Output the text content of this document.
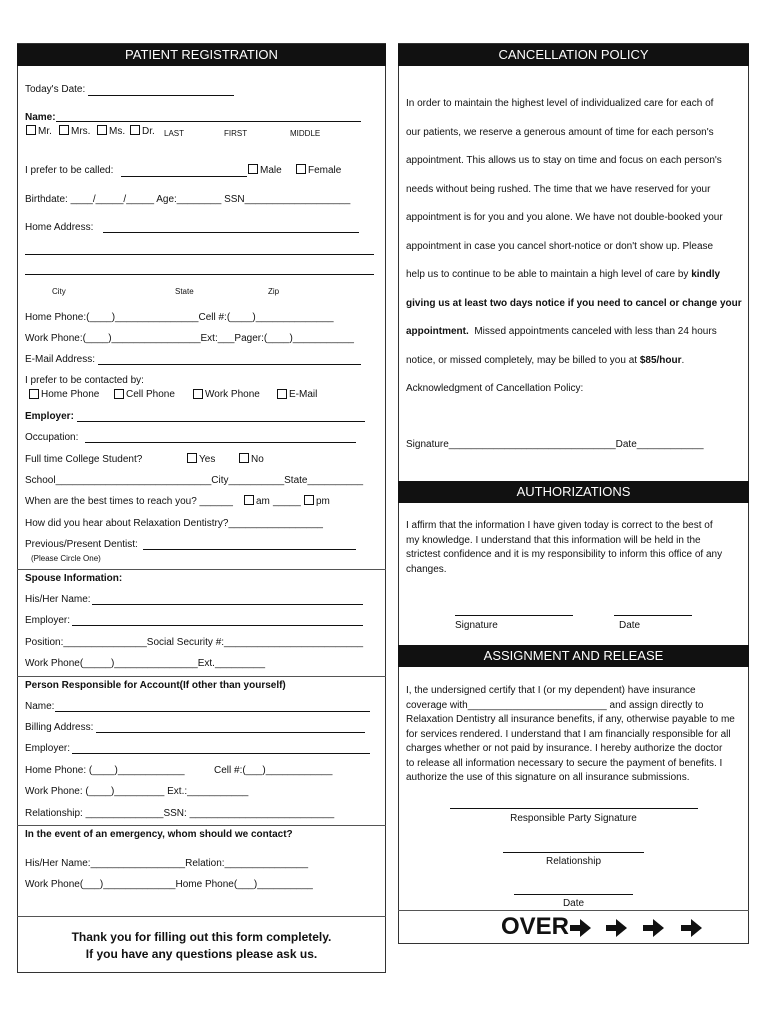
PATIENT REGISTRATION
Today's Date:
Name:
Mr. Mrs. Ms. Dr. LAST	FIRST	MIDDLE
I prefer to be called:	Male	Female
Birthdate: ____/_____/_____ Age:________ SSN___________________
Home Address:
City	State	Zip
Home Phone:(____)_______________Cell #:(____)______________
Work Phone:(____)________________Ext:___Pager:(____)___________
E-Mail Address:
I prefer to be contacted by:
Home Phone	Cell Phone	Work Phone	E-Mail
Employer:
Occupation:
Full time College Student?	Yes	No
School____________________________City__________State__________
When are the best times to reach you? ______ am _____ pm
How did you hear about Relaxation Dentistry?_________________
Previous/Present Dentist:
(Please Circle One)
Spouse Information:
His/Her Name:
Employer:
Position:_______________Social Security #:_________________________
Work Phone(_____)_______________Ext._________
Person Responsible for Account(If other than yourself)
Name:
Billing Address:
Employer:
Home Phone: (____)____________	Cell #:(___)____________
Work Phone: (____)_________ Ext.:___________
Relationship: ______________SSN: __________________________
In the event of an emergency, whom should we contact?
His/Her Name:_________________Relation:_______________
Work Phone(___)_____________Home Phone(___)__________
Thank you for filling out this form completely.
If you have any questions please ask us.
CANCELLATION POLICY
In order to maintain the highest level of individualized care for each of
our patients, we reserve a generous amount of time for each person's
appointment. This allows us to stay on time and focus on each person's
needs without being rushed. The time that we have reserved for your
appointment is for you and you alone. We have not double-booked your
appointment in case you cancel short-notice or don't show up. Please
help us to continue to be able to maintain a high level of care by kindly
giving us at least two days notice if you need to cancel or change your
appointment.  Missed appointments canceled with less than 24 hours
notice, or missed completely, may be billed to you at $85/hour.
Acknowledgment of Cancellation Policy:
Signature______________________________Date____________
AUTHORIZATIONS
I affirm that the information I have given today is correct to the best of
my knowledge. I understand that this information will be held in the
strictest confidence and it is my responsibility to inform this office of any
changes.
Signature	Date
ASSIGNMENT AND RELEASE
I, the undersigned certify that I (or my dependent) have insurance
coverage with_________________________ and assign directly to
Relaxation Dentistry all insurance benefits, if any, otherwise payable to me
for services rendered. I understand that I am financially responsible for all
charges whether or not paid by insurance. I hereby authorize the doctor
to release all information necessary to secure the payment of benefits. I
authorize the use of this signature on all insurance submissions.
Responsible Party Signature
Relationship
Date
OVER
